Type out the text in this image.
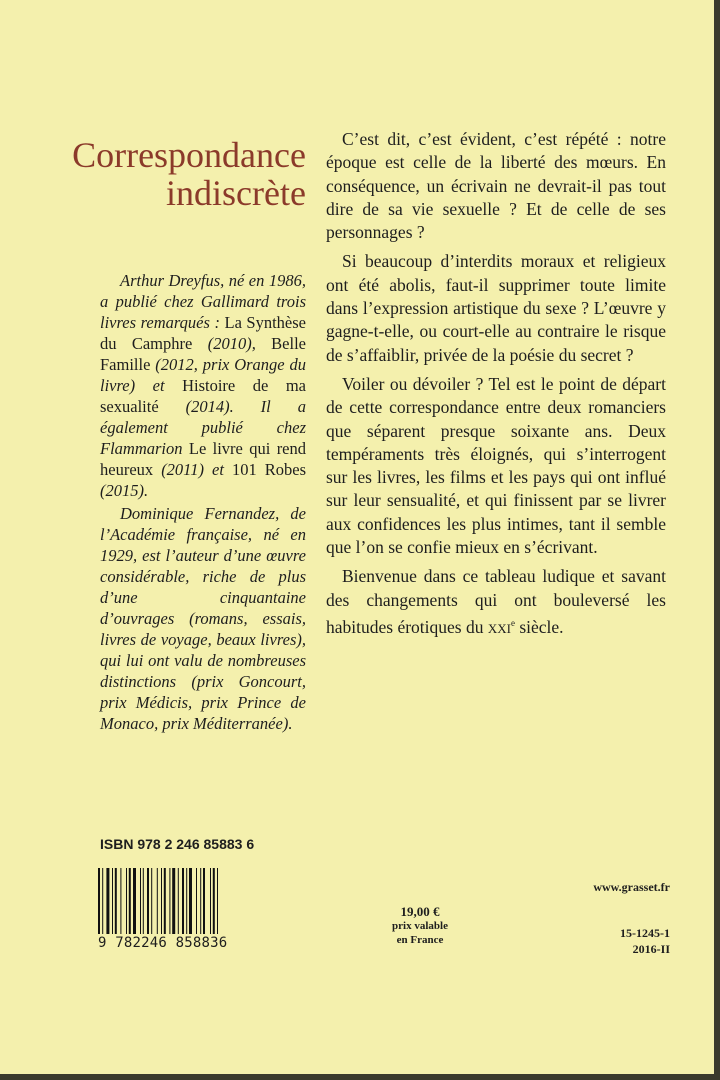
Correspondance
indiscrète

Arthur Dreyfus, né en 1986, a publié chez Gallimard trois livres remarqués : La Synthèse du Camphre (2010), Belle Famille (2012, prix Orange du livre) et Histoire de ma sexualité (2014). Il a également publié chez Flammarion Le livre qui rend heureux (2011) et 101 Robes (2015).

Dominique Fernandez, de l’Académie française, né en 1929, est l’auteur d’une œuvre considérable, riche de plus d’une cinquantaine d’ouvrages (romans, essais, livres de voyage, beaux livres), qui lui ont valu de nombreuses distinctions (prix Goncourt, prix Médicis, prix Prince de Monaco, prix Méditerranée).

C’est dit, c’est évident, c’est répété : notre époque est celle de la liberté des mœurs. En conséquence, un écrivain ne devrait-il pas tout dire de sa vie sexuelle ? Et de celle de ses personnages ?

Si beaucoup d’interdits moraux et religieux ont été abolis, faut-il supprimer toute limite dans l’expression artistique du sexe ? L’œuvre y gagne-t-elle, ou court-elle au contraire le risque de s’affaiblir, privée de la poésie du secret ?

Voiler ou dévoiler ? Tel est le point de départ de cette correspondance entre deux romanciers que séparent presque soixante ans. Deux tempéraments très éloignés, qui s’interrogent sur les livres, les films et les pays qui ont influé sur leur sensualité, et qui finissent par se livrer aux confidences les plus intimes, tant il semble que l’on se confie mieux en s’écrivant.

Bienvenue dans ce tableau ludique et savant des changements qui ont bouleversé les habitudes érotiques du XXIe siècle.

ISBN 978 2 246 85883 6
9 782246 858836
19,00 €
prix valable
en France
www.grasset.fr
15-1245-1
2016-II
